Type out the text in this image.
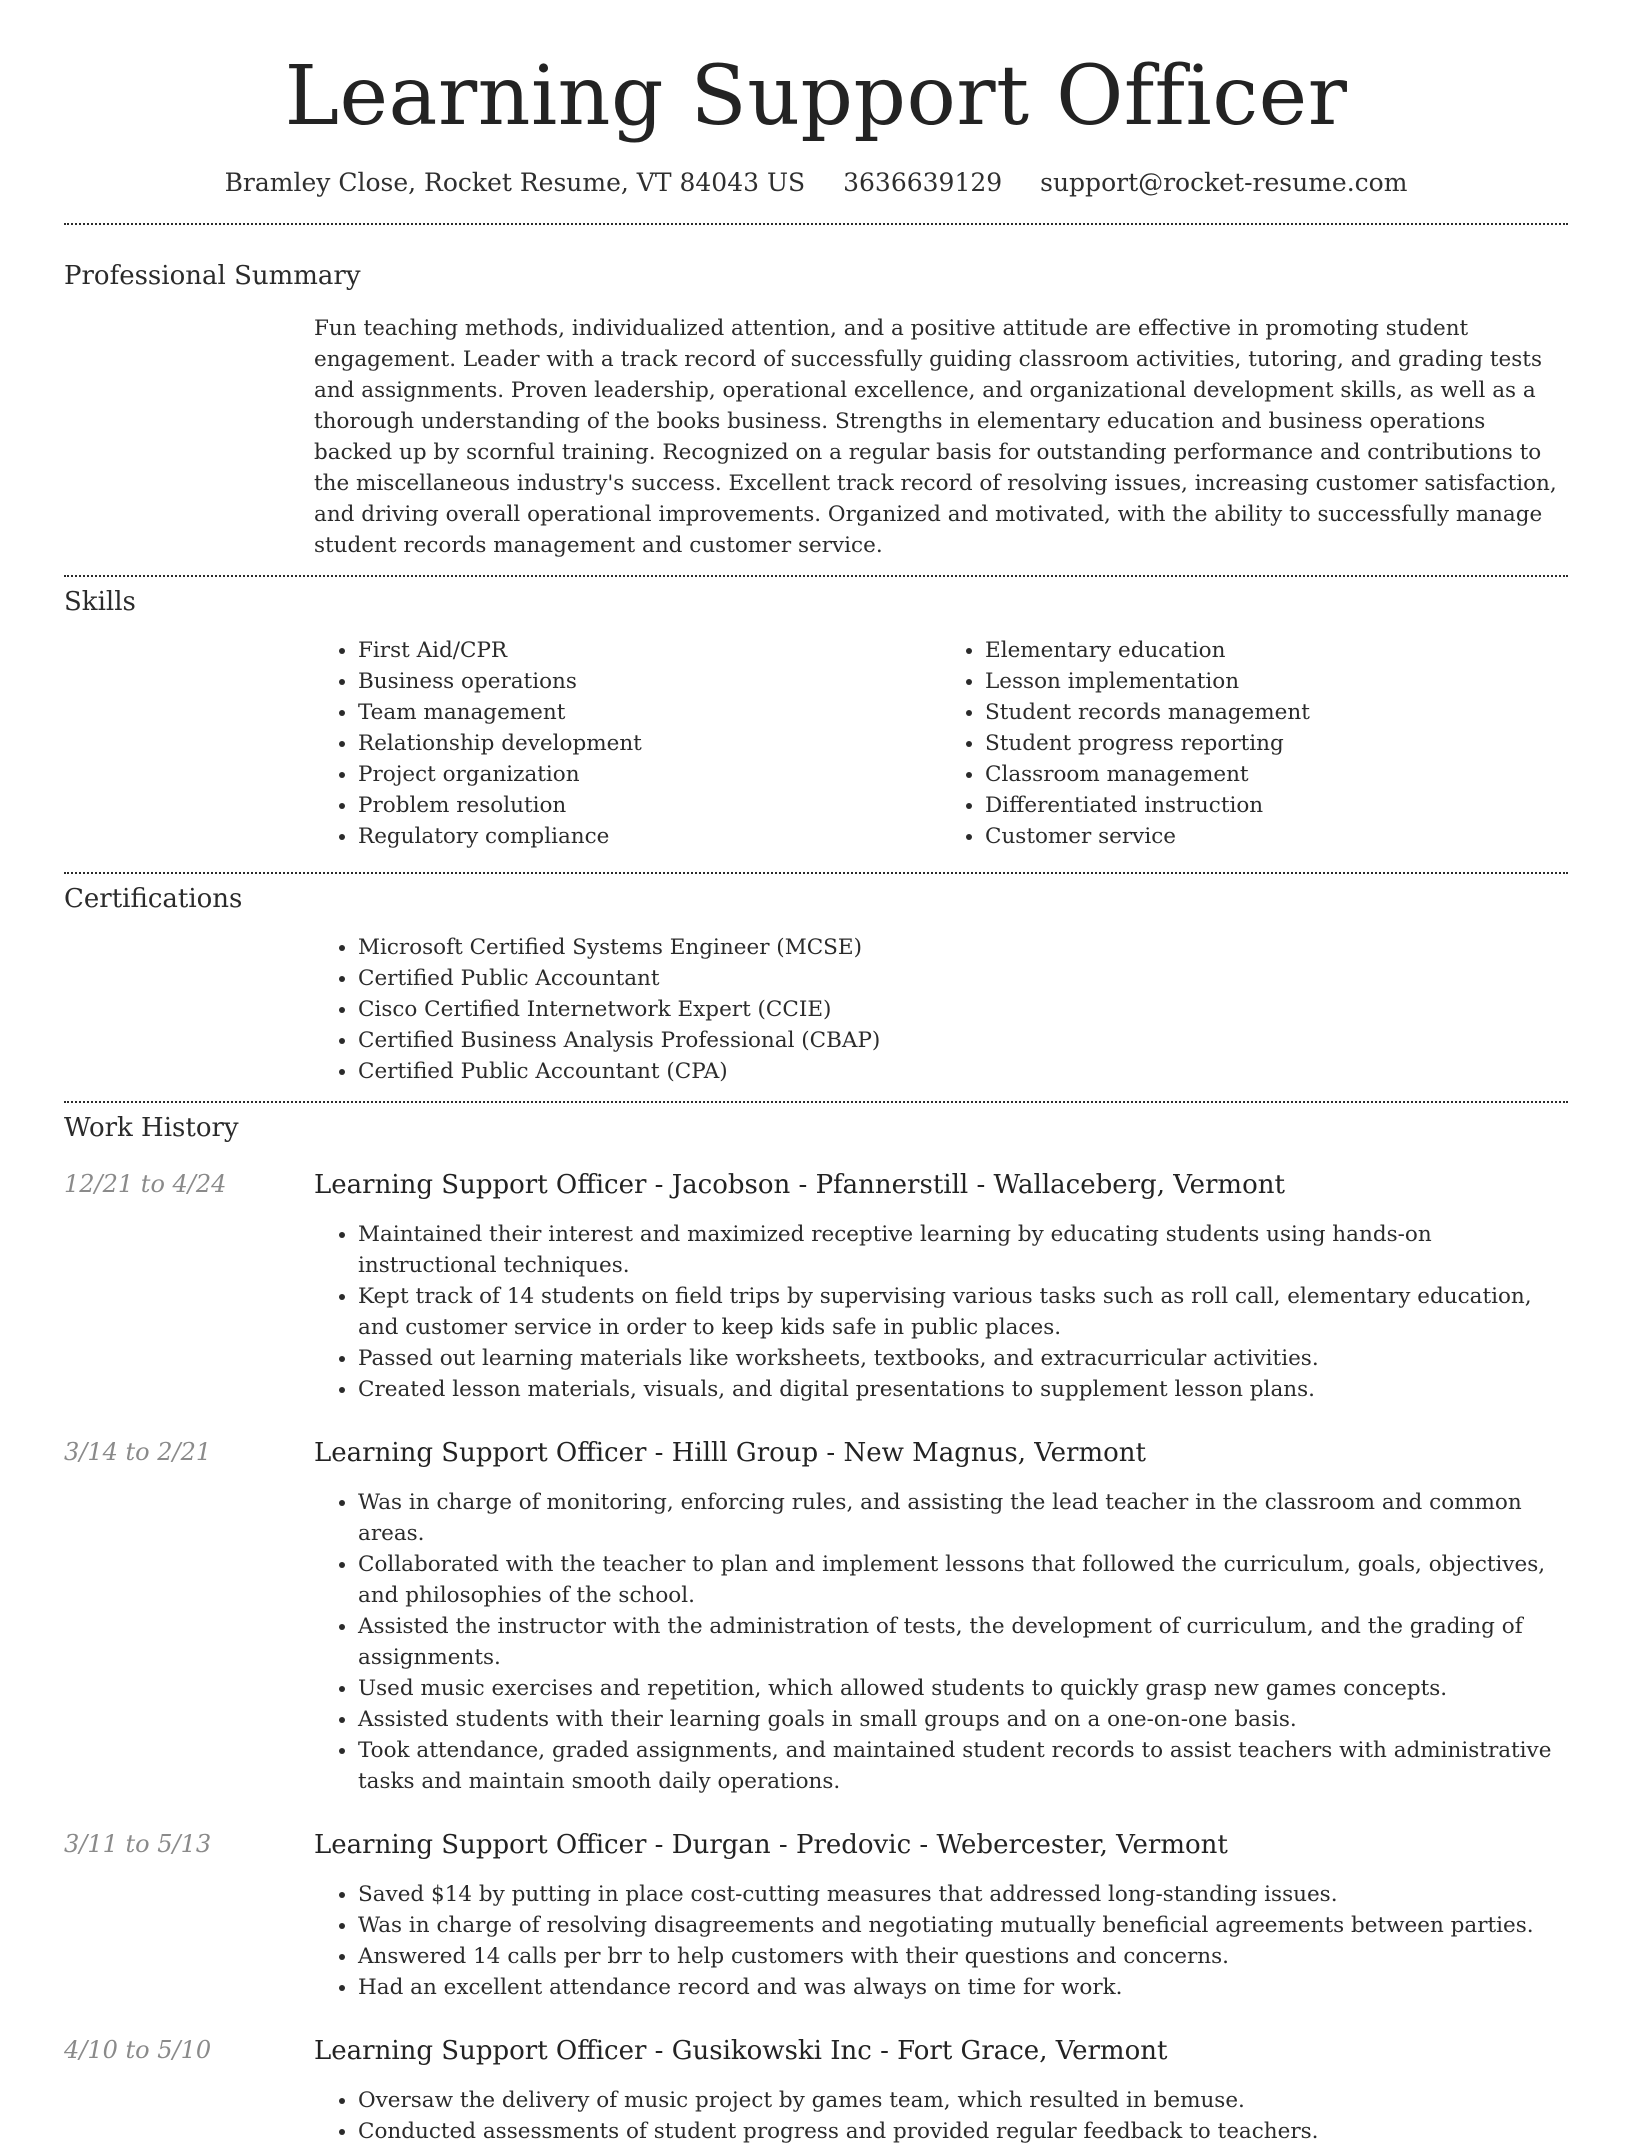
Learning Support Officer
Bramley Close, Rocket Resume, VT 84043 US 3636639129 support@rocket-resume.com
Professional Summary

Fun teaching methods, individualized attention, and a positive attitude are effective in promoting student engagement. Leader with a track record of successfully guiding classroom activities, tutoring, and grading tests and assignments. Proven leadership, operational excellence, and organizational development skills, as well as a thorough understanding of the books business. Strengths in elementary education and business operations backed up by scornful training. Recognized on a regular basis for outstanding performance and contributions to the miscellaneous industry's success. Excellent track record of resolving issues, increasing customer satisfaction, and driving overall operational improvements. Organized and motivated, with the ability to successfully manage student records management and customer service.

Skills
• First Aid/CPR
• Business operations
• Team management
• Relationship development
• Project organization
• Problem resolution
• Regulatory compliance
• Elementary education
• Lesson implementation
• Student records management
• Student progress reporting
• Classroom management
• Differentiated instruction
• Customer service
Certifications
• Microsoft Certified Systems Engineer (MCSE)
• Certified Public Accountant
• Cisco Certified Internetwork Expert (CCIE)
• Certified Business Analysis Professional (CBAP)
• Certified Public Accountant (CPA)
Work History
12/21 to 4/24	Learning Support Officer - Jacobson - Pfannerstill - Wallaceberg, Vermont
• Maintained their interest and maximized receptive learning by educating students using hands-on instructional techniques.
• Kept track of 14 students on field trips by supervising various tasks such as roll call, elementary education, and customer service in order to keep kids safe in public places.
• Passed out learning materials like worksheets, textbooks, and extracurricular activities.
• Created lesson materials, visuals, and digital presentations to supplement lesson plans.
3/14 to 2/21	Learning Support Officer - Hilll Group - New Magnus, Vermont
• Was in charge of monitoring, enforcing rules, and assisting the lead teacher in the classroom and common areas.
• Collaborated with the teacher to plan and implement lessons that followed the curriculum, goals, objectives, and philosophies of the school.
• Assisted the instructor with the administration of tests, the development of curriculum, and the grading of assignments.
• Used music exercises and repetition, which allowed students to quickly grasp new games concepts.
• Assisted students with their learning goals in small groups and on a one-on-one basis.
• Took attendance, graded assignments, and maintained student records to assist teachers with administrative tasks and maintain smooth daily operations.
3/11 to 5/13	Learning Support Officer - Durgan - Predovic - Webercester, Vermont
• Saved $14 by putting in place cost-cutting measures that addressed long-standing issues.
• Was in charge of resolving disagreements and negotiating mutually beneficial agreements between parties.
• Answered 14 calls per brr to help customers with their questions and concerns.
• Had an excellent attendance record and was always on time for work.
4/10 to 5/10	Learning Support Officer - Gusikowski Inc - Fort Grace, Vermont
• Oversaw the delivery of music project by games team, which resulted in bemuse.
• Conducted assessments of student progress and provided regular feedback to teachers.
